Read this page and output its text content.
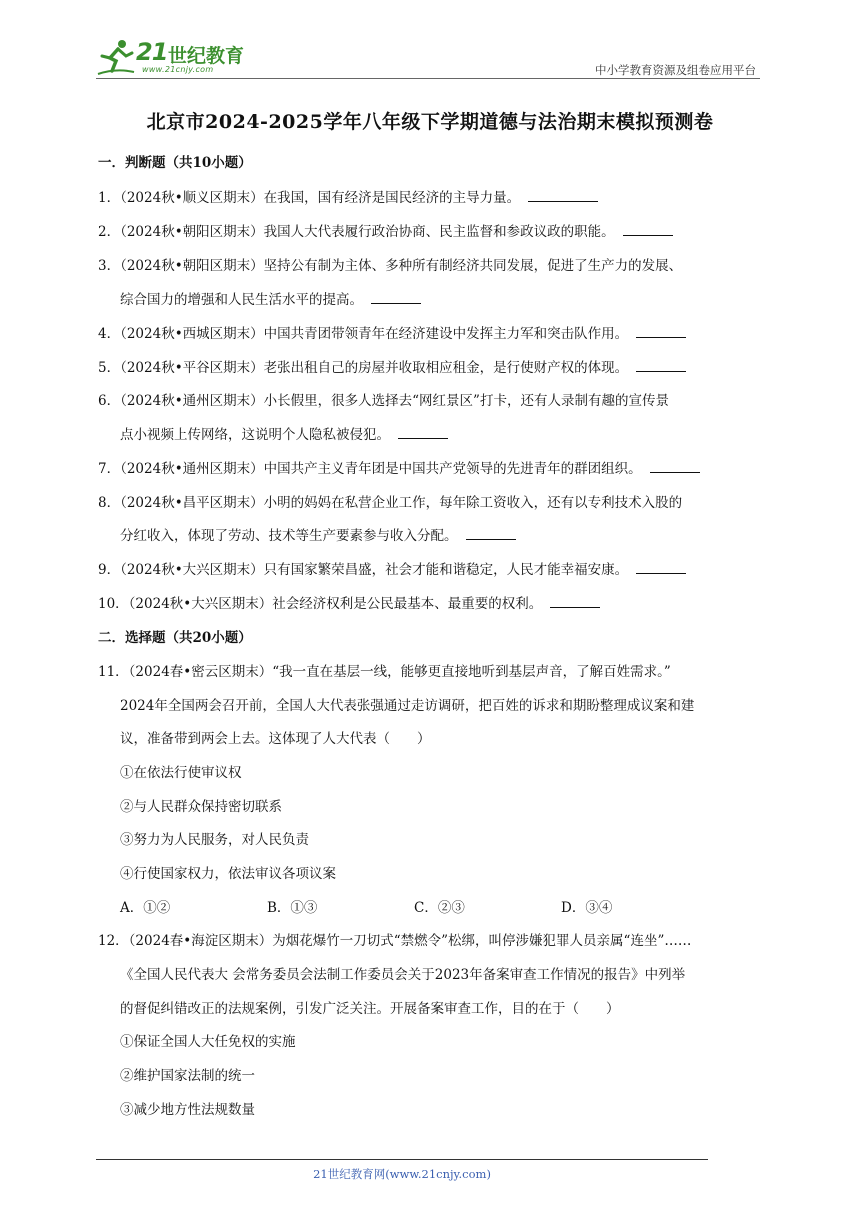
21 世纪教育
www.21cnjy.com	中小学教育资源及组卷应用平台
北京市2024-2025学年八年级下学期道德与法治期末模拟预测卷
一．判断题（共10小题）
1．（2024秋•顺义区期末）在我国，国有经济是国民经济的主导力量。
2．（2024秋•朝阳区期末）我国人大代表履行政治协商、民主监督和参政议政的职能。
3．（2024秋•朝阳区期末）坚持公有制为主体、多种所有制经济共同发展，促进了生产力的发展、
综合国力的增强和人民生活水平的提高。
4．（2024秋•西城区期末）中国共青团带领青年在经济建设中发挥主力军和突击队作用。
5．（2024秋•平谷区期末）老张出租自己的房屋并收取相应租金，是行使财产权的体现。
6．（2024秋•通州区期末）小长假里，很多人选择去“网红景区”打卡，还有人录制有趣的宣传景
点小视频上传网络，这说明个人隐私被侵犯。
7．（2024秋•通州区期末）中国共产主义青年团是中国共产党领导的先进青年的群团组织。
8．（2024秋•昌平区期末）小明的妈妈在私营企业工作，每年除工资收入，还有以专利技术入股的
分红收入，体现了劳动、技术等生产要素参与收入分配。
9．（2024秋•大兴区期末）只有国家繁荣昌盛，社会才能和谐稳定，人民才能幸福安康。
10．（2024秋•大兴区期末）社会经济权利是公民最基本、最重要的权利。
二．选择题（共20小题）
11．（2024春•密云区期末）“我一直在基层一线，能够更直接地听到基层声音，了解百姓需求。”
2024年全国两会召开前，全国人大代表张强通过走访调研，把百姓的诉求和期盼整理成议案和建
议，准备带到两会上去。这体现了人大代表（　　）
①在依法行使审议权
②与人民群众保持密切联系
③努力为人民服务，对人民负责
④行使国家权力，依法审议各项议案
A．①②	B．①③	C．②③	D．③④
12．（2024春•海淀区期末）为烟花爆竹一刀切式“禁燃令”松绑，叫停涉嫌犯罪人员亲属“连坐”……
《全国人民代表大 会常务委员会法制工作委员会关于2023年备案审查工作情况的报告》中列举
的督促纠错改正的法规案例，引发广泛关注。开展备案审查工作，目的在于（　　）
①保证全国人大任免权的实施
②维护国家法制的统一
③减少地方性法规数量
21世纪教育网(www.21cnjy.com)
